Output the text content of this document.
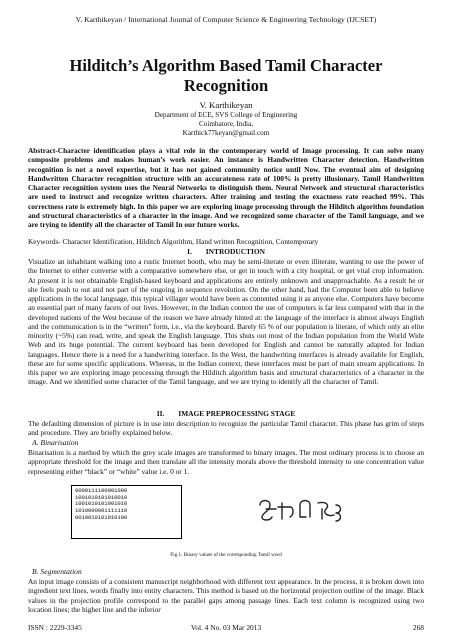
V. Karthikeyan / International Journal of Computer Science & Engineering Technology (IJCSET)
Hilditch’s Algorithm Based Tamil Character Recognition
V. Karthikeyan
Department of ECE, SVS College of Engineering
Coimbatore, India,
Karthick77keyan@gmail.com
Abstract-Character identification plays a vital role in the contemporary world of Image processing. It can solve many composite problems and makes human’s work easier. An instance is Handwritten Character detection. Handwritten recognition is not a novel expertise, but it has not gained community notice until Now. The eventual aim of designing Handwritten Character recognition structure with an accurateness rate of 100% is pretty illusionary. Tamil Handwritten Character recognition system uses the Neural Networks to distinguish them. Neural Network and structural characteristics are used to instruct and recognize written characters. After training and testing the exactness rate reached 99%. This correctness rate is extremely high. In this paper we are exploring image processing through the Hilditch algorithm foundation and structural characteristics of a character in the image. And we recognized some character of the Tamil language, and we are trying to identify all the character of Tamil In our future works.
Keywords- Character Identification, Hilditch Algorithm, Hand written Recognition, Contemporary
I. INTRODUCTION
Visualize an inhabitant walking into a rustic Internet booth, who may be semi-literate or even illiterate, wanting to use the power of the Internet to either converse with a comparative somewhere else, or get in touch with a city hospital, or get vital crop information. At present it is not obtainable English-based keyboard and applications are entirely unknown and unapproachable. As a result he or she feels push to out and not part of the ongoing in sequence revolution. On the other hand, had the Computer been able to believe applications in the local language, this typical villager would have been as contented using it as anyone else. Computers have become an essential part of many facets of our lives. However, in the Indian context the use of computers is far less compared with that in the developed nations of the West because of the reason we have already hinted at: the language of the interface is almost always English and the communication is in the “written” form, i.e., via the keyboard. Barely 65 % of our population is literate, of which only an elite minority (~5%) can read, write, and speak the English language. This shuts out most of the Indian population from the World Wide Web and its huge potential. The current keyboard has been developed for English and cannot be naturally adapted for Indian languages. Hence there is a need for a handwriting interface. In the West, the handwriting interfaces is already available for English, these are for some specific applications. Whereas, in the Indian context, these interfaces must be part of main stream applications. In this paper we are exploring image processing through the Hilditch algorithm basis and structural characteristics of a character in the image. And we identified some character of the Tamil language, and we are trying to identify all the character of Tamil.
II. IMAGE PREPROCESSING STAGE
The defaulting dimension of picture is in use into description to recognize the particular Tamil character. This phase has grim of steps and procedure. They are briefly explained below.
A. Binarisation
Binarisation is a method by which the grey scale images are transformed to binary images. The most ordinary process is to choose an appropriate threshold for the image and then translate all the intensity morals above the threshold intensity to one concentration value representing either “black” or “white” value i.e. 0 or 1.
0000111100001000
1001010101010010
1001010101001010
1010000001111110
0010010101010100
Fig.1. Binary values of the corresponding Tamil word
B. Segmentation
An input image consists of a consistent manuscript neighborhood with different text appearance. In the process, it is broken down into ingredient text lines, words finally into entity characters. This method is based on the horizontal projection outline of the image. Black values in the projection profile correspond to the parallel gaps among passage lines. Each text column is recognized using two location lines; the higher line and the inferior
ISSN : 2229-3345	Vol. 4 No. 03 Mar 2013	268
